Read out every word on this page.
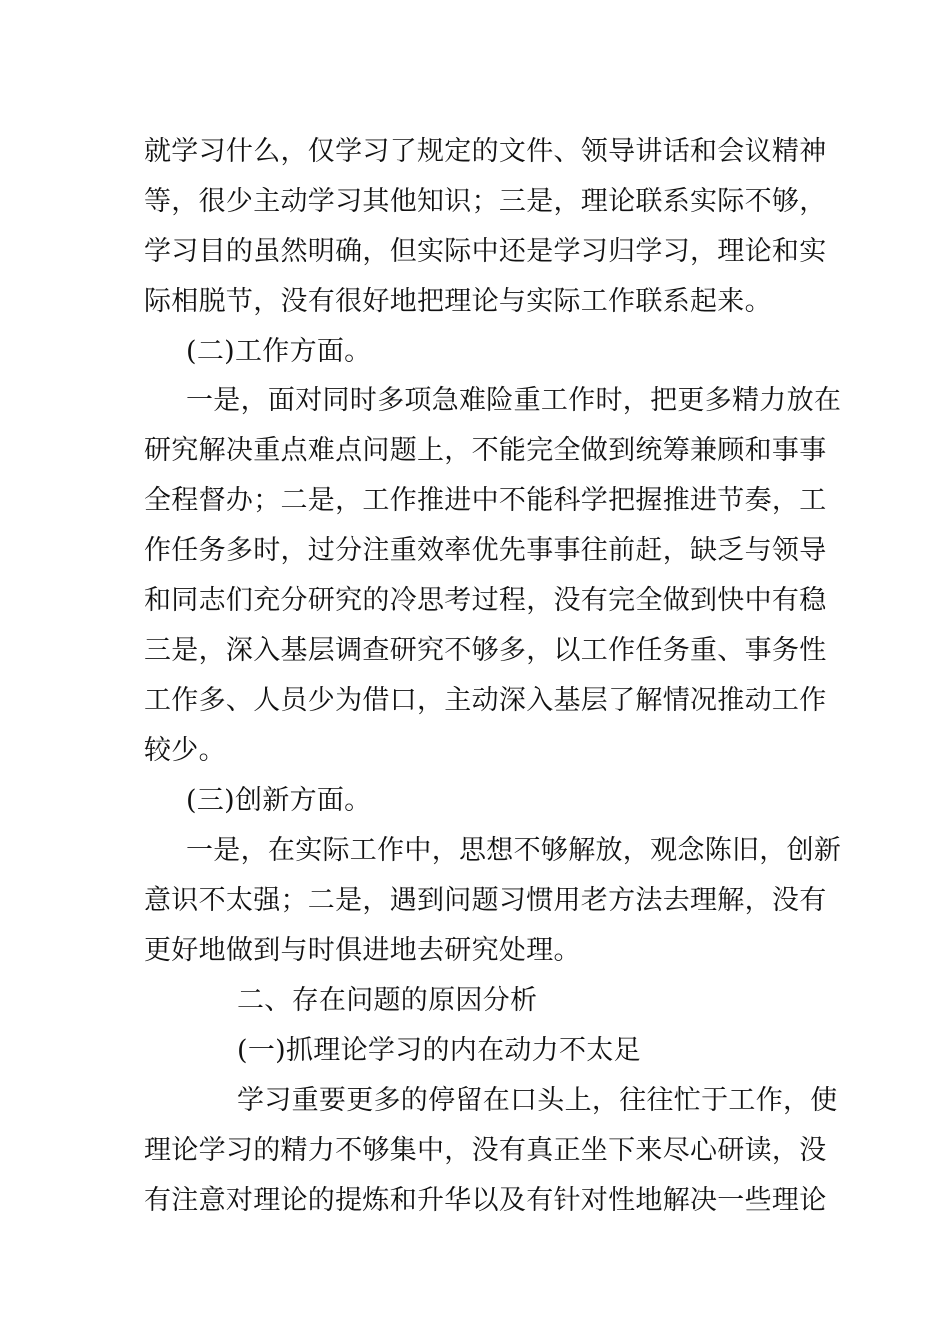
就学习什么，仅学习了规定的文件、领导讲话和会议精神
等，很少主动学习其他知识；三是，理论联系实际不够，
学习目的虽然明确，但实际中还是学习归学习，理论和实
际相脱节，没有很好地把理论与实际工作联系起来。
(二)工作方面。
一是，面对同时多项急难险重工作时，把更多精力放在
研究解决重点难点问题上，不能完全做到统筹兼顾和事事
全程督办；二是，工作推进中不能科学把握推进节奏，工
作任务多时，过分注重效率优先事事往前赶，缺乏与领导
和同志们充分研究的冷思考过程，没有完全做到快中有稳
三是，深入基层调查研究不够多，以工作任务重、事务性
工作多、人员少为借口，主动深入基层了解情况推动工作
较少。
(三)创新方面。
一是，在实际工作中，思想不够解放，观念陈旧，创新
意识不太强；二是，遇到问题习惯用老方法去理解，没有
更好地做到与时俱进地去研究处理。
二、存在问题的原因分析
(一)抓理论学习的内在动力不太足
学习重要更多的停留在口头上，往往忙于工作，使
理论学习的精力不够集中，没有真正坐下来尽心研读，没
有注意对理论的提炼和升华以及有针对性地解决一些理论
